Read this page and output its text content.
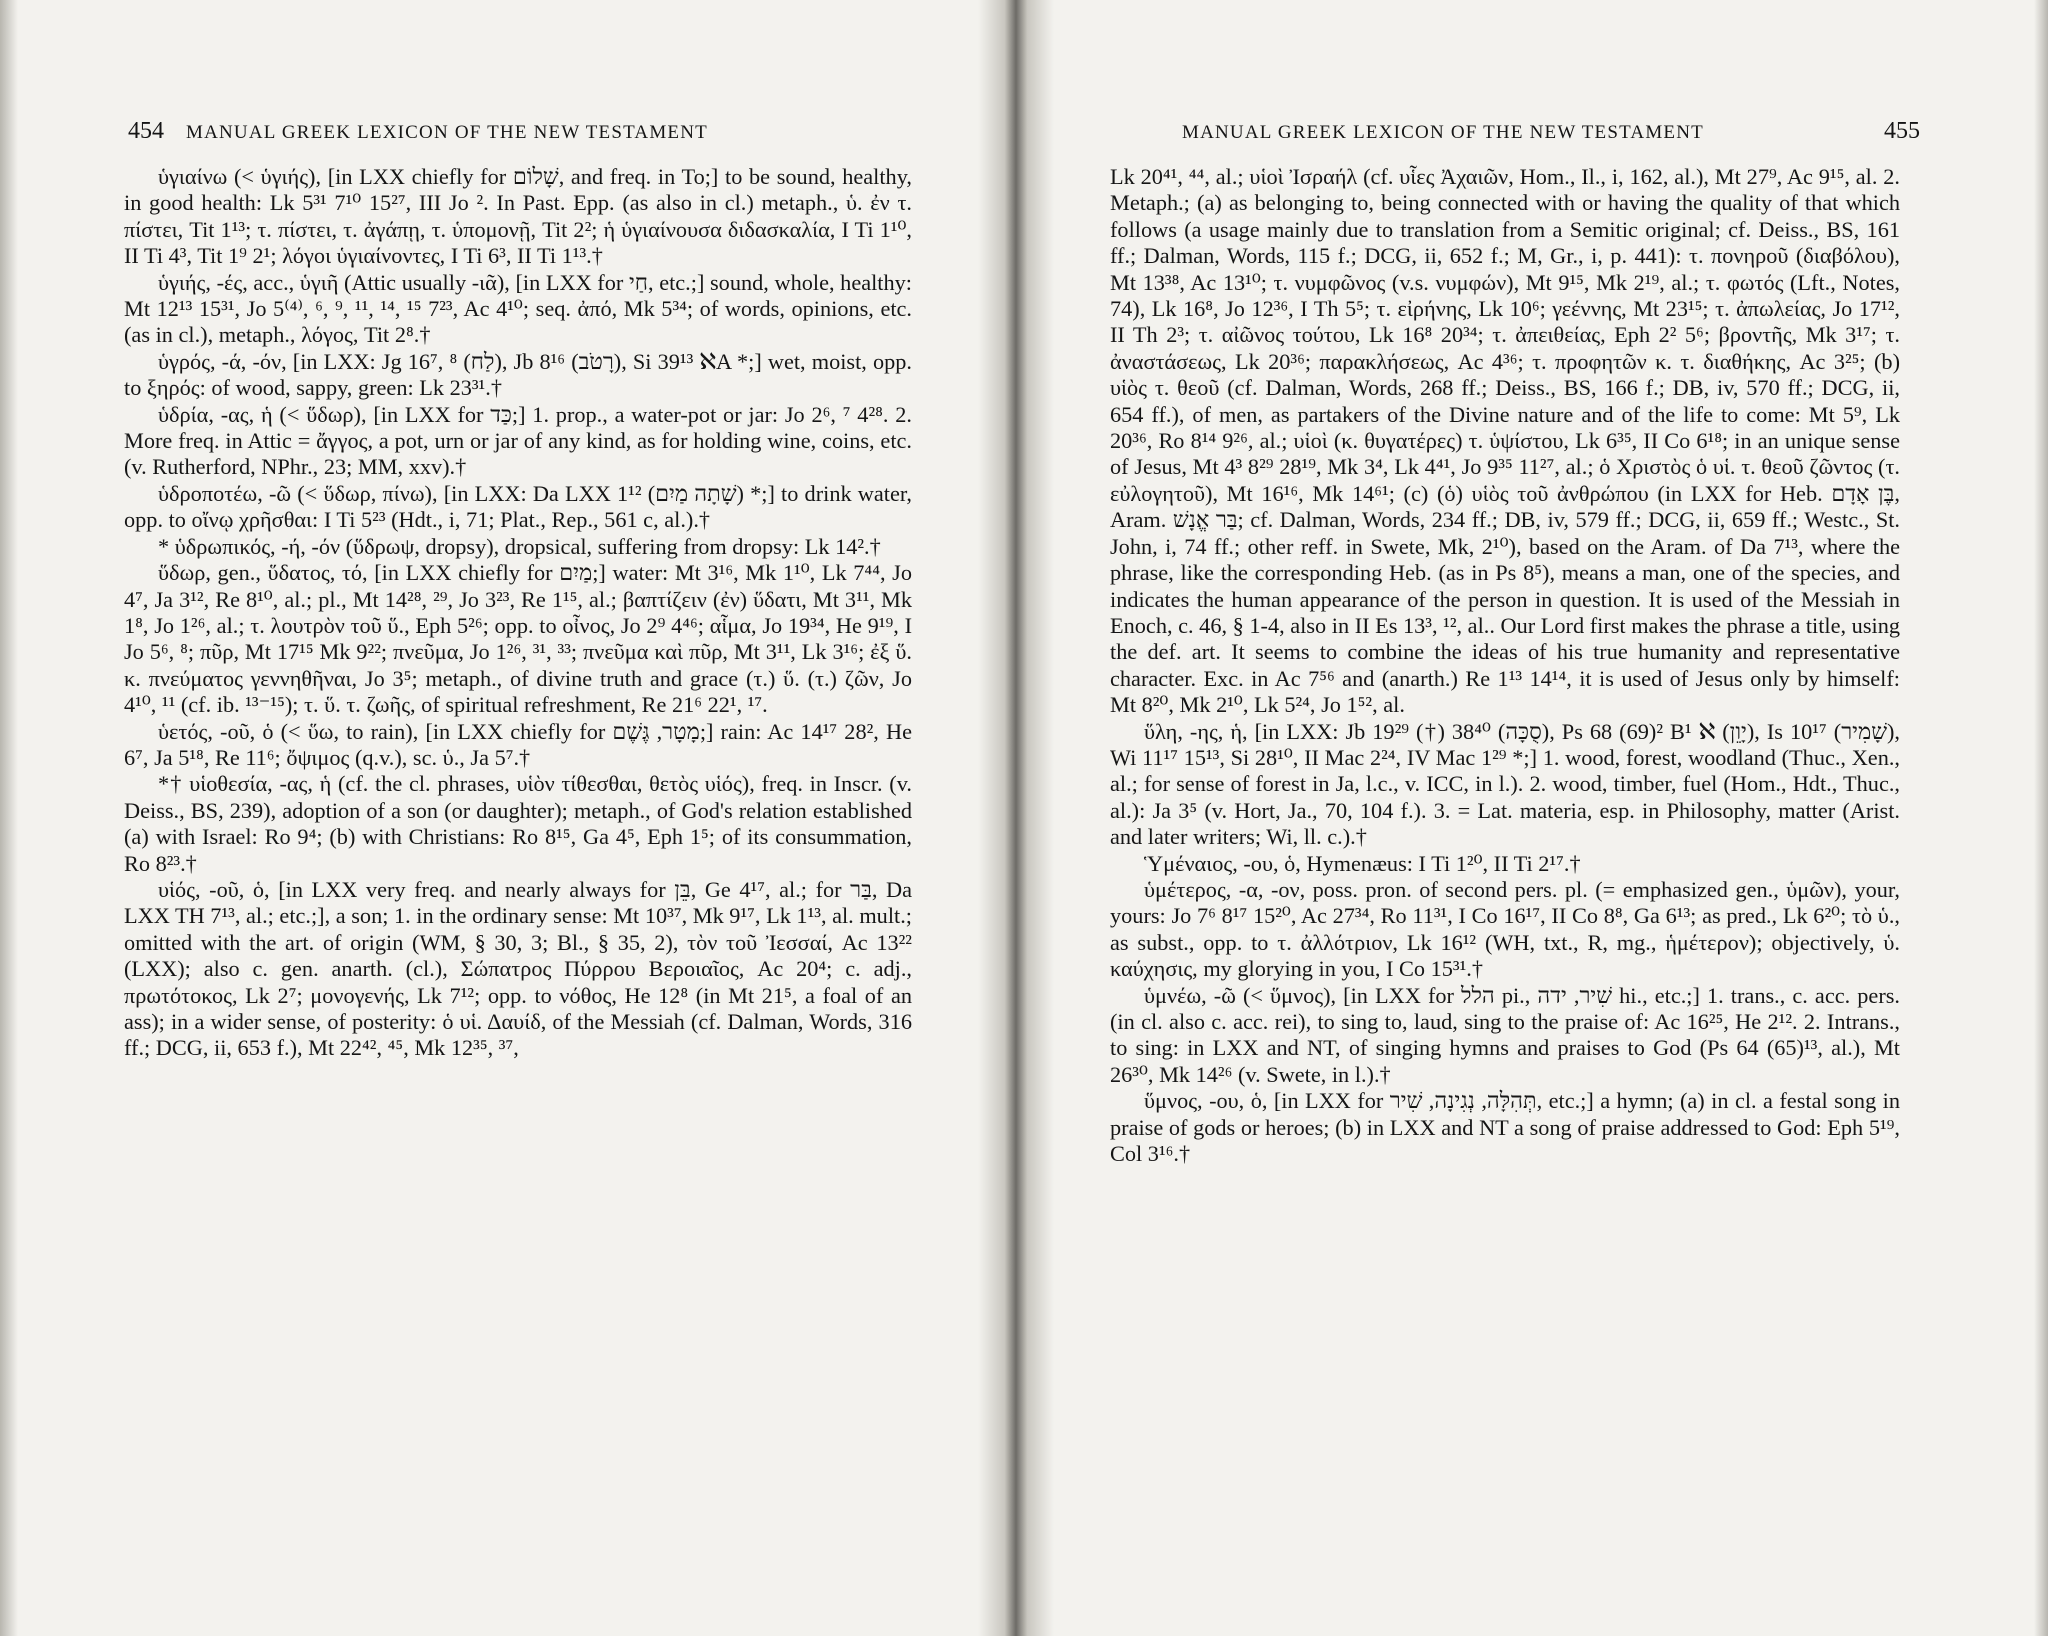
454 MANUAL GREEK LEXICON OF THE NEW TESTAMENT

ὑγιαίνω (< ὑγιής), [in LXX chiefly for שָׁלוֹם, and freq. in To;] to be sound, healthy, in good health: Lk 5³¹ 7¹⁰ 15²⁷, III Jo ². In Past. Epp. (as also in cl.) metaph., ὑ. ἐν τ. πίστει, Tit 1¹³; τ. πίστει, τ. ἀγάπῃ, τ. ὑπομονῇ, Tit 2²; ἡ ὑγιαίνουσα διδασκαλία, I Ti 1¹⁰, II Ti 4³, Tit 1⁹ 2¹; λόγοι ὑγιαίνοντες, I Ti 6³, II Ti 1¹³.†

ὑγιής, -ές, acc., ὑγιῆ (Attic usually -ιᾶ), [in LXX for חַי, etc.;] sound, whole, healthy: Mt 12¹³ 15³¹, Jo 5⁽⁴⁾, ⁶, ⁹, ¹¹, ¹⁴, ¹⁵ 7²³, Ac 4¹⁰; seq. ἀπό, Mk 5³⁴; of words, opinions, etc. (as in cl.), metaph., λόγος, Tit 2⁸.†

ὑγρός, -ά, -όν, [in LXX: Jg 16⁷, ⁸ (לַח), Jb 8¹⁶ (רָטֹב), Si 39¹³ ℵA *;] wet, moist, opp. to ξηρός: of wood, sappy, green: Lk 23³¹.†

ὑδρία, -ας, ἡ (< ὕδωρ), [in LXX for כַּד;] 1. prop., a water-pot or jar: Jo 2⁶, ⁷ 4²⁸. 2. More freq. in Attic = ἄγγος, a pot, urn or jar of any kind, as for holding wine, coins, etc. (v. Rutherford, NPhr., 23; MM, xxv).†

ὑδροποτέω, -ῶ (< ὕδωρ, πίνω), [in LXX: Da LXX 1¹² (שָׁתָה מַיִם) *;] to drink water, opp. to οἴνῳ χρῆσθαι: I Ti 5²³ (Hdt., i, 71; Plat., Rep., 561 c, al.).†

* ὑδρωπικός, -ή, -όν (ὕδρωψ, dropsy), dropsical, suffering from dropsy: Lk 14².†

ὕδωρ, gen., ὕδατος, τό, [in LXX chiefly for מַיִם;] water: Mt 3¹⁶, Mk 1¹⁰, Lk 7⁴⁴, Jo 4⁷, Ja 3¹², Re 8¹⁰, al.; pl., Mt 14²⁸, ²⁹, Jo 3²³, Re 1¹⁵, al.; βαπτίζειν (ἐν) ὕδατι, Mt 3¹¹, Mk 1⁸, Jo 1²⁶, al.; τ. λουτρὸν τοῦ ὕ., Eph 5²⁶; opp. to οἶνος, Jo 2⁹ 4⁴⁶; αἷμα, Jo 19³⁴, He 9¹⁹, I Jo 5⁶, ⁸; πῦρ, Mt 17¹⁵ Mk 9²²; πνεῦμα, Jo 1²⁶, ³¹, ³³; πνεῦμα καὶ πῦρ, Mt 3¹¹, Lk 3¹⁶; ἐξ ὕ. κ. πνεύματος γεννηθῆναι, Jo 3⁵; metaph., of divine truth and grace (τ.) ὕ. (τ.) ζῶν, Jo 4¹⁰, ¹¹ (cf. ib. ¹³⁻¹⁵); τ. ὕ. τ. ζωῆς, of spiritual refreshment, Re 21⁶ 22¹, ¹⁷.

ὑετός, -οῦ, ὁ (< ὕω, to rain), [in LXX chiefly for מָטָר, גֶּשֶׁם;] rain: Ac 14¹⁷ 28², He 6⁷, Ja 5¹⁸, Re 11⁶; ὄψιμος (q.v.), sc. ὑ., Ja 5⁷.†

*† υἱοθεσία, -ας, ἡ (cf. the cl. phrases, υἱὸν τίθεσθαι, θετὸς υἱός), freq. in Inscr. (v. Deiss., BS, 239), adoption of a son (or daughter); metaph., of God's relation established (a) with Israel: Ro 9⁴; (b) with Christians: Ro 8¹⁵, Ga 4⁵, Eph 1⁵; of its consummation, Ro 8²³.†

υἱός, -οῦ, ὁ, [in LXX very freq. and nearly always for בֵּן, Ge 4¹⁷, al.; for בַּר, Da LXX TH 7¹³, al.; etc.;], a son; 1. in the ordinary sense: Mt 10³⁷, Mk 9¹⁷, Lk 1¹³, al. mult.; omitted with the art. of origin (WM, § 30, 3; Bl., § 35, 2), τὸν τοῦ Ἰεσσαί, Ac 13²² (LXX); also c. gen. anarth. (cl.), Σώπατρος Πύρρου Βεροιαῖος, Ac 20⁴; c. adj., πρωτότοκος, Lk 2⁷; μονογενής, Lk 7¹²; opp. to νόθος, He 12⁸ (in Mt 21⁵, a foal of an ass); in a wider sense, of posterity: ὁ υἱ. Δαυίδ, of the Messiah (cf. Dalman, Words, 316 ff.; DCG, ii, 653 f.), Mt 22⁴², ⁴⁵, Mk 12³⁵, ³⁷,

MANUAL GREEK LEXICON OF THE NEW TESTAMENT	455

Lk 20⁴¹, ⁴⁴, al.; υἱοὶ Ἰσραήλ (cf. υἷες Ἀχαιῶν, Hom., Il., i, 162, al.), Mt 27⁹, Ac 9¹⁵, al. 2. Metaph.; (a) as belonging to, being connected with or having the quality of that which follows (a usage mainly due to translation from a Semitic original; cf. Deiss., BS, 161 ff.; Dalman, Words, 115 f.; DCG, ii, 652 f.; M, Gr., i, p. 441): τ. πονηροῦ (διαβόλου), Mt 13³⁸, Ac 13¹⁰; τ. νυμφῶνος (v.s. νυμφών), Mt 9¹⁵, Mk 2¹⁹, al.; τ. φωτός (Lft., Notes, 74), Lk 16⁸, Jo 12³⁶, I Th 5⁵; τ. εἰρήνης, Lk 10⁶; γεέννης, Mt 23¹⁵; τ. ἀπωλείας, Jo 17¹², II Th 2³; τ. αἰῶνος τούτου, Lk 16⁸ 20³⁴; τ. ἀπειθείας, Eph 2² 5⁶; βροντῆς, Mk 3¹⁷; τ. ἀναστάσεως, Lk 20³⁶; παρακλήσεως, Ac 4³⁶; τ. προφητῶν κ. τ. διαθήκης, Ac 3²⁵; (b) υἱὸς τ. θεοῦ (cf. Dalman, Words, 268 ff.; Deiss., BS, 166 f.; DB, iv, 570 ff.; DCG, ii, 654 ff.), of men, as partakers of the Divine nature and of the life to come: Mt 5⁹, Lk 20³⁶, Ro 8¹⁴ 9²⁶, al.; υἱοὶ (κ. θυγατέρες) τ. ὑψίστου, Lk 6³⁵, II Co 6¹⁸; in an unique sense of Jesus, Mt 4³ 8²⁹ 28¹⁹, Mk 3⁴, Lk 4⁴¹, Jo 9³⁵ 11²⁷, al.; ὁ Χριστὸς ὁ υἱ. τ. θεοῦ ζῶντος (τ. εὐλογητοῦ), Mt 16¹⁶, Mk 14⁶¹; (c) (ὁ) υἱὸς τοῦ ἀνθρώπου (in LXX for Heb. בֶּן אָדָם, Aram. בַּר אֱנָשׁ; cf. Dalman, Words, 234 ff.; DB, iv, 579 ff.; DCG, ii, 659 ff.; Westc., St. John, i, 74 ff.; other reff. in Swete, Mk, 2¹⁰), based on the Aram. of Da 7¹³, where the phrase, like the corresponding Heb. (as in Ps 8⁵), means a man, one of the species, and indicates the human appearance of the person in question. It is used of the Messiah in Enoch, c. 46, § 1-4, also in II Es 13³, ¹², al.. Our Lord first makes the phrase a title, using the def. art. It seems to combine the ideas of his true humanity and representative character. Exc. in Ac 7⁵⁶ and (anarth.) Re 1¹³ 14¹⁴, it is used of Jesus only by himself: Mt 8²⁰, Mk 2¹⁰, Lk 5²⁴, Jo 1⁵², al.

ὕλη, -ης, ἡ, [in LXX: Jb 19²⁹ (†) 38⁴⁰ (סֻכָּה), Ps 68 (69)² B¹ ℵ (יָוֵן), Is 10¹⁷ (שָׁמִיר), Wi 11¹⁷ 15¹³, Si 28¹⁰, II Mac 2²⁴, IV Mac 1²⁹ *;] 1. wood, forest, woodland (Thuc., Xen., al.; for sense of forest in Ja, l.c., v. ICC, in l.). 2. wood, timber, fuel (Hom., Hdt., Thuc., al.): Ja 3⁵ (v. Hort, Ja., 70, 104 f.). 3. = Lat. materia, esp. in Philosophy, matter (Arist. and later writers; Wi, ll. c.).†

Ὑμέναιος, -ου, ὁ, Hymenæus: I Ti 1²⁰, II Ti 2¹⁷.†

ὑμέτερος, -α, -ον, poss. pron. of second pers. pl. (= emphasized gen., ὑμῶν), your, yours: Jo 7⁶ 8¹⁷ 15²⁰, Ac 27³⁴, Ro 11³¹, I Co 16¹⁷, II Co 8⁸, Ga 6¹³; as pred., Lk 6²⁰; τὸ ὑ., as subst., opp. to τ. ἀλλότριον, Lk 16¹² (WH, txt., R, mg., ἡμέτερον); objectively, ὑ. καύχησις, my glorying in you, I Co 15³¹.†

ὑμνέω, -ῶ (< ὕμνος), [in LXX for הלל pi., שִׁיר, ידה hi., etc.;] 1. trans., c. acc. pers. (in cl. also c. acc. rei), to sing to, laud, sing to the praise of: Ac 16²⁵, He 2¹². 2. Intrans., to sing: in LXX and NT, of singing hymns and praises to God (Ps 64 (65)¹³, al.), Mt 26³⁰, Mk 14²⁶ (v. Swete, in l.).†

ὕμνος, -ου, ὁ, [in LXX for תְּהִלָּה, נְגִינָה, שִׁיר, etc.;] a hymn; (a) in cl. a festal song in praise of gods or heroes; (b) in LXX and NT a song of praise addressed to God: Eph 5¹⁹, Col 3¹⁶.†
